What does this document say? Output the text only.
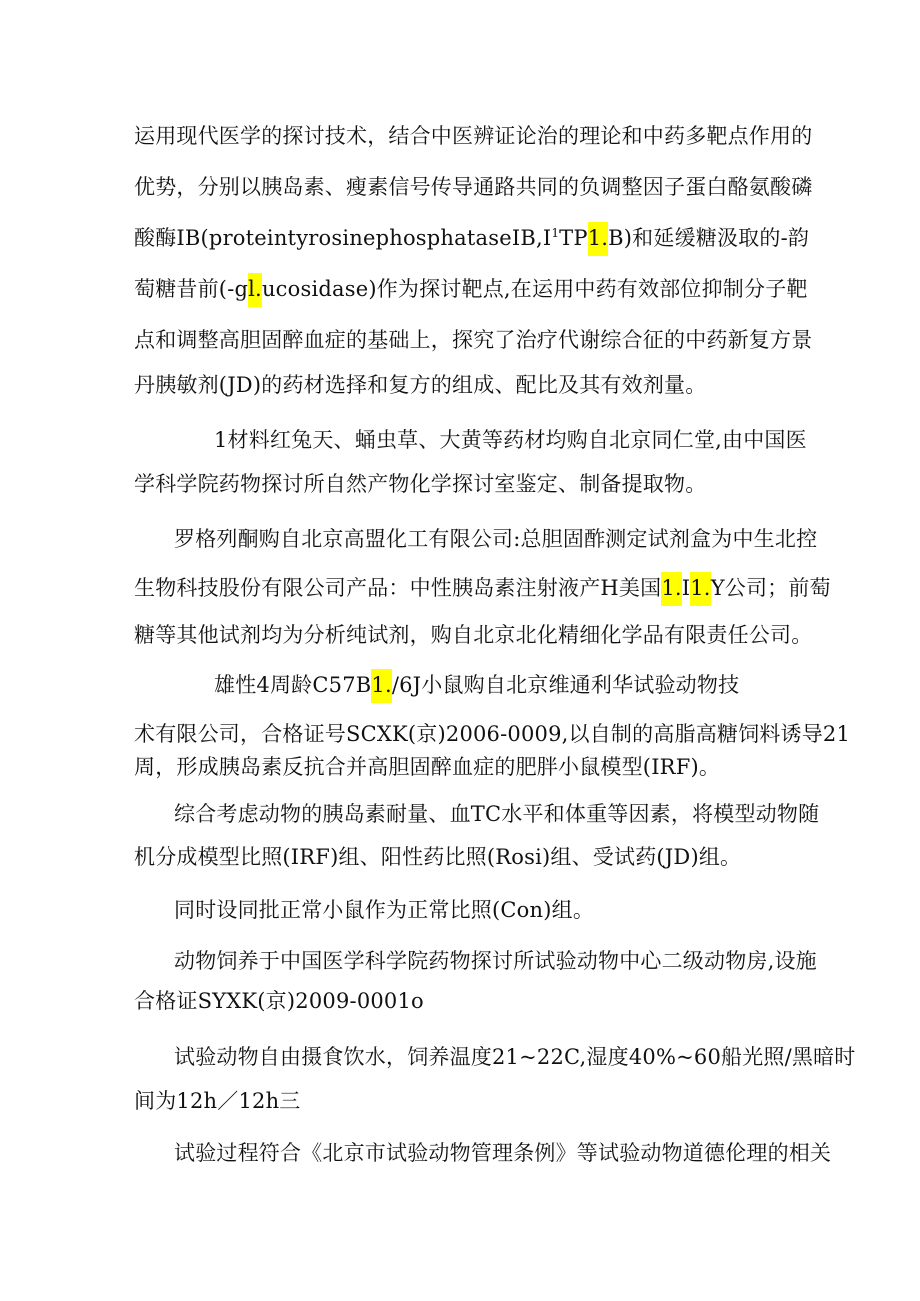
运用现代医学的探讨技术，结合中医辨证论治的理论和中药多靶点作用的
优势，分别以胰岛素、瘦素信号传导通路共同的负调整因子蛋白酪氨酸磷
酸酶$IB(proteintyrosinephosphataseIB,I^1TP1.B)$和延缓糖汲取的-韵
萄糖昔前(-gl.ucosidase)作为探讨靶点,在运用中药有效部位抑制分子靶
点和调整高胆固醉血症的基础上，探究了治疗代谢综合征的中药新复方景
丹胰敏剂(JD)的药材选择和复方的组成、配比及其有效剂量。
1材料红兔天、蛹虫草、大黄等药材均购自北京同仁堂,由中国医
学科学院药物探讨所自然产物化学探讨室鉴定、制备提取物。
罗格列酮购自北京高盟化工有限公司:总胆固酢测定试剂盒为中生北控
生物科技股份有限公司产品：中性胰岛素注射液产H美国1.I1.Y公司；前萄
糖等其他试剂均为分析纯试剂，购自北京北化精细化学品有限责任公司。
雄性4周龄C57B1./6J小鼠购自北京维通利华试验动物技
术有限公司，合格证号SCXK(京)2006-0009,以自制的高脂高糖饲料诱导21
周，形成胰岛素反抗合并高胆固醉血症的肥胖小鼠模型(IRF)。
综合考虑动物的胰岛素耐量、血TC水平和体重等因素，将模型动物随
机分成模型比照(IRF)组、阳性药比照(Rosi)组、受试药(JD)组。
同时设同批正常小鼠作为正常比照(Con)组。
动物饲养于中国医学科学院药物探讨所试验动物中心二级动物房,设施
合格证SYXK(京)2009-0001o
试验动物自由摄食饮水，饲养温度21~22C,湿度40%~60船光照/黑暗时
间为12h／12h三
试验过程符合《北京市试验动物管理条例》等试验动物道德伦理的相关
